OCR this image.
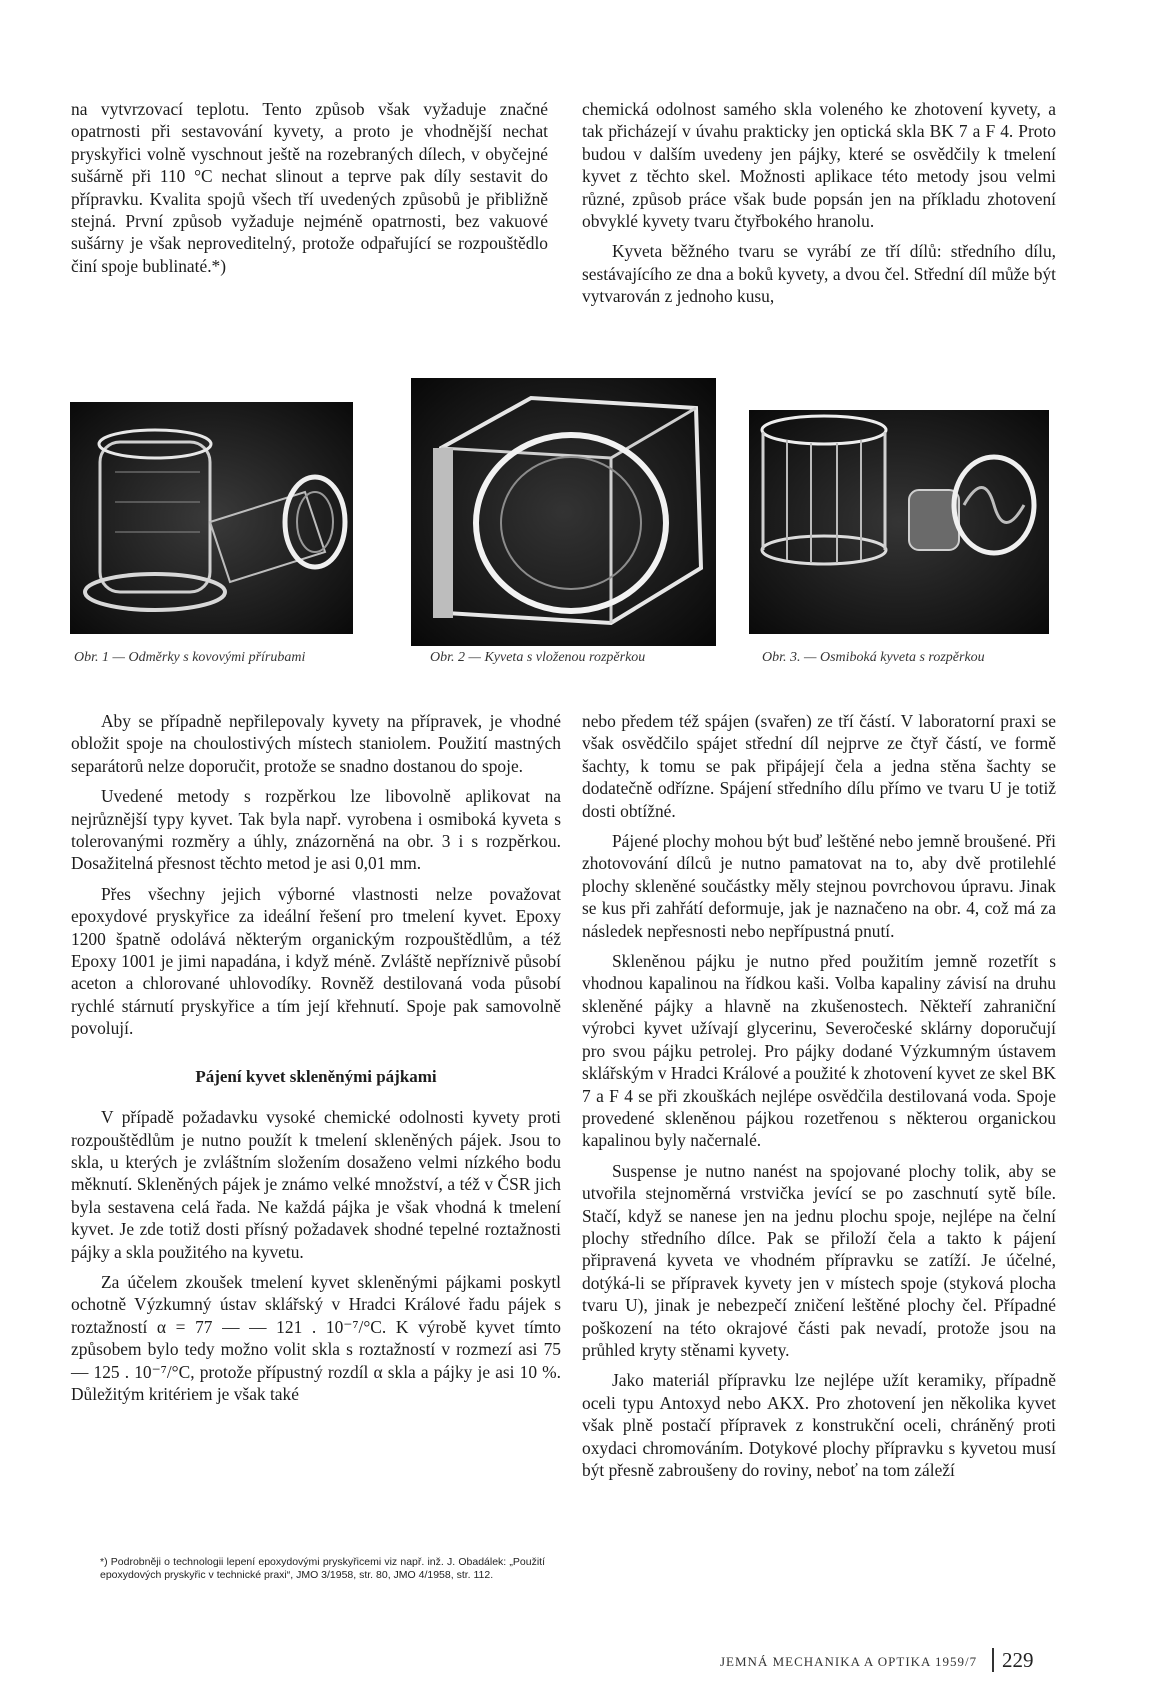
na vytvrzovací teplotu. Tento způsob však vyžaduje značné opatrnosti při sestavování kyvety, a proto je vhodnější nechat pryskyřici volně vyschnout ještě na rozebraných dílech, v obyčejné sušárně při 110 °C nechat slinout a teprve pak díly sestavit do přípravku. Kvalita spojů všech tří uvedených způsobů je přibližně stejná. První způsob vyžaduje nejméně opatrnosti, bez vakuové sušárny je však neproveditelný, protože odpařující se rozpouštědlo činí spoje bublinaté.*)

chemická odolnost samého skla voleného ke zhotovení kyvety, a tak přicházejí v úvahu prakticky jen optická skla BK 7 a F 4. Proto budou v dalším uvedeny jen pájky, které se osvědčily k tmelení kyvet z těchto skel. Možnosti aplikace této metody jsou velmi různé, způsob práce však bude popsán jen na příkladu zhotovení obvyklé kyvety tvaru čtyřbokého hranolu.

Kyveta běžného tvaru se vyrábí ze tří dílů: středního dílu, sestávajícího ze dna a boků kyvety, a dvou čel. Střední díl může být vytvarován z jednoho kusu,

Obr. 1 — Odměrky s kovovými přírubami	Obr. 2 — Kyveta s vloženou rozpěrkou	Obr. 3. — Osmiboká kyveta s rozpěrkou

Aby se případně nepřilepovaly kyvety na přípravek, je vhodné obložit spoje na choulostivých místech staniolem. Použití mastných separátorů nelze doporučit, protože se snadno dostanou do spoje.

Uvedené metody s rozpěrkou lze libovolně aplikovat na nejrůznější typy kyvet. Tak byla např. vyrobena i osmiboká kyveta s tolerovanými rozměry a úhly, znázorněná na obr. 3 i s rozpěrkou. Dosažitelná přesnost těchto metod je asi 0,01 mm.

Přes všechny jejich výborné vlastnosti nelze považovat epoxydové pryskyřice za ideální řešení pro tmelení kyvet. Epoxy 1200 špatně odolává některým organickým rozpouštědlům, a též Epoxy 1001 je jimi napadána, i když méně. Zvláště nepříznivě působí aceton a chlorované uhlovodíky. Rovněž destilovaná voda působí rychlé stárnutí pryskyřice a tím její křehnutí. Spoje pak samovolně povolují.

Pájení kyvet skleněnými pájkami

V případě požadavku vysoké chemické odolnosti kyvety proti rozpouštědlům je nutno použít k tmelení skleněných pájek. Jsou to skla, u kterých je zvláštním složením dosaženo velmi nízkého bodu měknutí. Skleněných pájek je známo velké množství, a též v ČSR jich byla sestavena celá řada. Ne každá pájka je však vhodná k tmelení kyvet. Je zde totiž dosti přísný požadavek shodné tepelné roztažnosti pájky a skla použitého na kyvetu.

Za účelem zkoušek tmelení kyvet skleněnými pájkami poskytl ochotně Výzkumný ústav sklářský v Hradci Králové řadu pájek s roztažností α = 77 — — 121 . 10⁻⁷/°C. K výrobě kyvet tímto způsobem bylo tedy možno volit skla s roztažností v rozmezí asi 75 — 125 . 10⁻⁷/°C, protože přípustný rozdíl α skla a pájky je asi 10 %. Důležitým kritériem je však také

nebo předem též spájen (svařen) ze tří částí. V laboratorní praxi se však osvědčilo spájet střední díl nejprve ze čtyř částí, ve formě šachty, k tomu se pak připájejí čela a jedna stěna šachty se dodatečně odřízne. Spájení středního dílu přímo ve tvaru U je totiž dosti obtížné.

Pájené plochy mohou být buď leštěné nebo jemně broušené. Při zhotovování dílců je nutno pamatovat na to, aby dvě protilehlé plochy skleněné součástky měly stejnou povrchovou úpravu. Jinak se kus při zahřátí deformuje, jak je naznačeno na obr. 4, což má za následek nepřesnosti nebo nepřípustná pnutí.

Skleněnou pájku je nutno před použitím jemně rozetřít s vhodnou kapalinou na řídkou kaši. Volba kapaliny závisí na druhu skleněné pájky a hlavně na zkušenostech. Někteří zahraniční výrobci kyvet užívají glycerinu, Severočeské sklárny doporučují pro svou pájku petrolej. Pro pájky dodané Výzkumným ústavem sklářským v Hradci Králové a použité k zhotovení kyvet ze skel BK 7 a F 4 se při zkouškách nejlépe osvědčila destilovaná voda. Spoje provedené skleněnou pájkou rozetřenou s některou organickou kapalinou byly načernalé.

Suspense je nutno nanést na spojované plochy tolik, aby se utvořila stejnoměrná vrstvička jevící se po zaschnutí sytě bíle. Stačí, když se nanese jen na jednu plochu spoje, nejlépe na čelní plochy středního dílce. Pak se přiloží čela a takto k pájení připravená kyveta ve vhodném přípravku se zatíží. Je účelné, dotýká-li se přípravek kyvety jen v místech spoje (styková plocha tvaru U), jinak je nebezpečí zničení leštěné plochy čel. Případné poškození na této okrajové části pak nevadí, protože jsou na průhled kryty stěnami kyvety.

Jako materiál přípravku lze nejlépe užít keramiky, případně oceli typu Antoxyd nebo AKX. Pro zhotovení jen několika kyvet však plně postačí přípravek z konstrukční oceli, chráněný proti oxydaci chromováním. Dotykové plochy přípravku s kyvetou musí být přesně zabroušeny do roviny, neboť na tom záleží

*) Podrobněji o technologii lepení epoxydovými pryskyřicemi viz např. inž. J. Obadálek: „Použití epoxydových pryskyřic v technické praxi“, JMO 3/1958, str. 80, JMO 4/1958, str. 112.
JEMNÁ MECHANIKA A OPTIKA 1959/7 229
